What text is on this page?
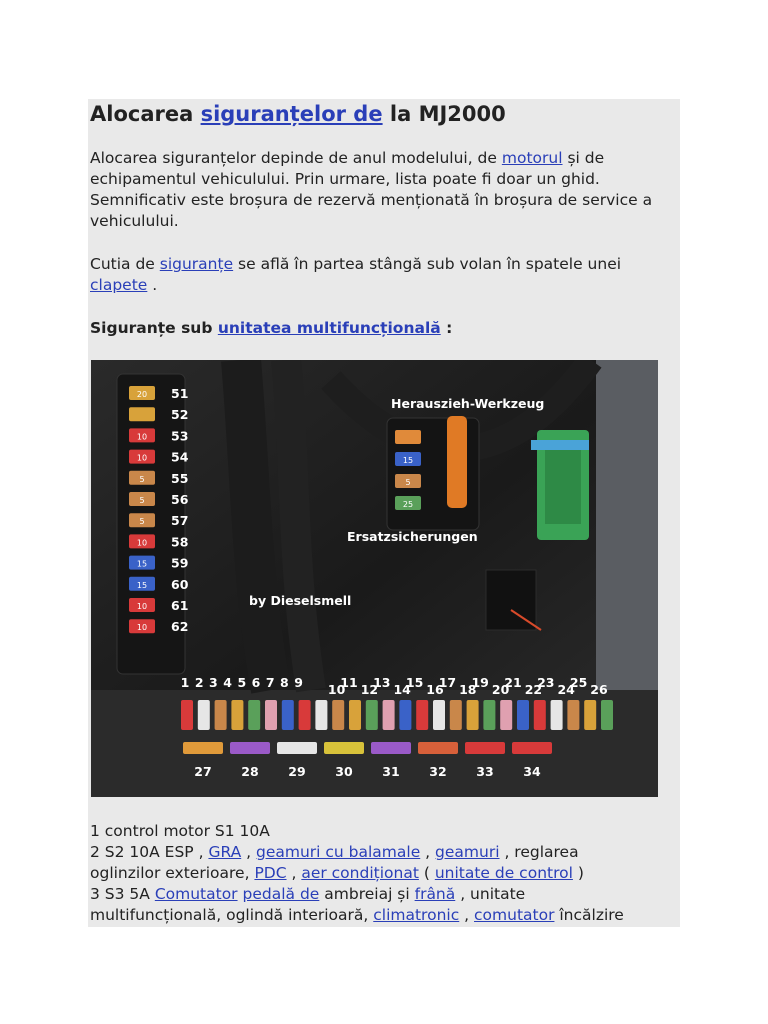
Alocarea siguranțelor de la MJ2000

Alocarea siguranțelor depinde de anul modelului, de motorul și de echipamentul vehiculului. Prin urmare, lista poate fi doar un ghid. Semnificativ este broșura de rezervă menționată în broșura de service a vehiculului.

Cutia de siguranțe se află în partea stângă sub volan în spatele unei clapete .

Siguranțe sub unitatea multifuncțională :

20
10
10
5
5
5
10
15
15
10
10
51
52
53
54
55
56
57
58
59
60
61
62
15
5
25
Herauszieh-Werkzeug
Ersatzsicherungen
by Dieselsmell
1 2 3 4 5 6 7 8 9	11 13 15 17 19 21 23 25
10 12 14 16 18 20 22 24 26
27 28 29 30 31 32 33 34
1 control motor S1 10A
2 S2 10A ESP , GRA , geamuri cu balamale , geamuri , reglarea
oglinzilor exterioare, PDC , aer condiționat ( unitate de control )
3 S3 5A Comutator pedală de ambreiaj și frână , unitate
multifuncțională, oglindă interioară, climatronic , comutator încălzire
